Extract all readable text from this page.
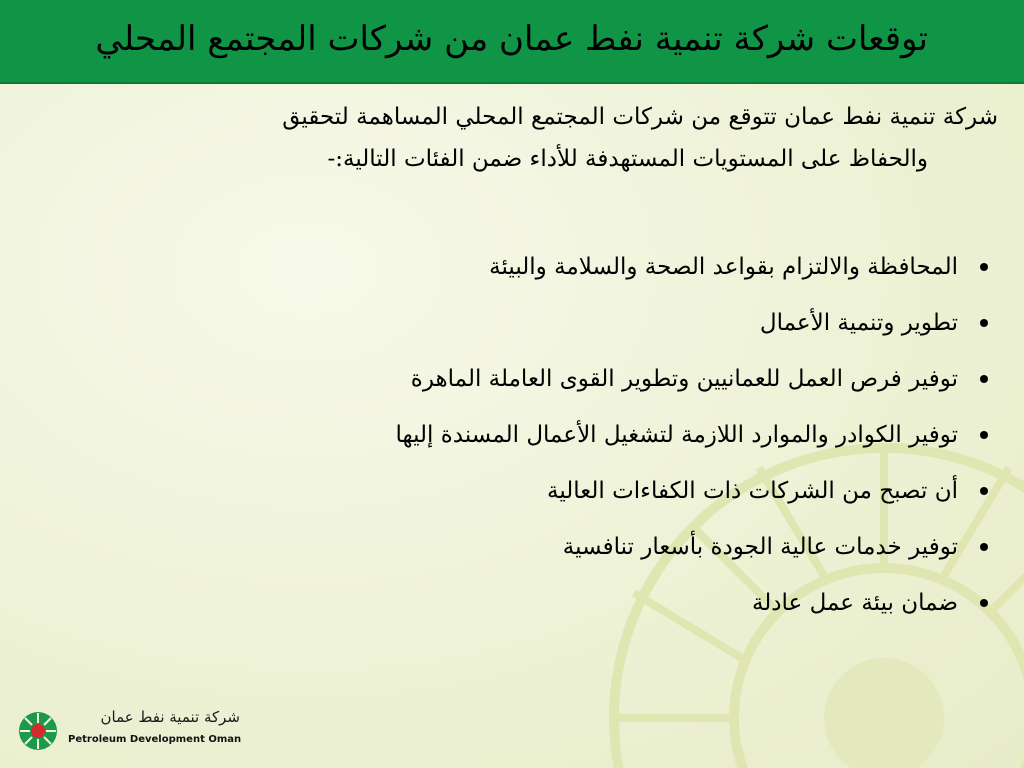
توقعات شركة تنمية نفط عمان من شركات المجتمع المحلي
شركة تنمية نفط عمان تتوقع من شركات المجتمع المحلي المساهمة لتحقيق
والحفاظ على المستويات المستهدفة للأداء ضمن الفئات التالية:-
المحافظة والالتزام بقواعد الصحة والسلامة والبيئة
تطوير وتنمية الأعمال
توفير فرص العمل للعمانيين وتطوير القوى العاملة الماهرة
توفير الكوادر والموارد اللازمة لتشغيل الأعمال المسندة إليها
أن تصبح من الشركات ذات الكفاءات العالية
توفير خدمات عالية الجودة بأسعار تنافسية
ضمان بيئة عمل عادلة
شركة تنمية نفط عمان
Petroleum Development Oman
